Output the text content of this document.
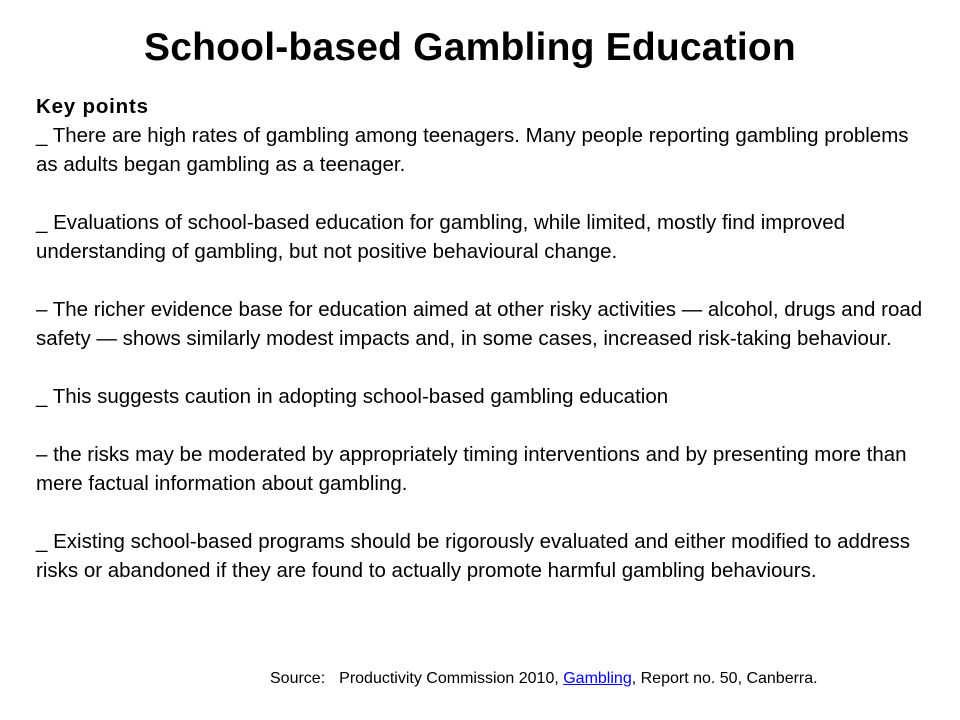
School-based Gambling Education

Key points

_ There are high rates of gambling among teenagers. Many people reporting gambling problems as adults began gambling as a teenager.

_ Evaluations of school-based education for gambling, while limited, mostly find improved understanding of gambling, but not positive behavioural change.

– The richer evidence base for education aimed at other risky activities — alcohol, drugs and road safety — shows similarly modest impacts and, in some cases, increased risk-taking behaviour.

_ This suggests caution in adopting school-based gambling education

– the risks may be moderated by appropriately timing interventions and by presenting more than mere factual information about gambling.

_ Existing school-based programs should be rigorously evaluated and either modified to address risks or abandoned if they are found to actually promote harmful gambling behaviours.

Source: Productivity Commission 2010, Gambling, Report no. 50, Canberra.
